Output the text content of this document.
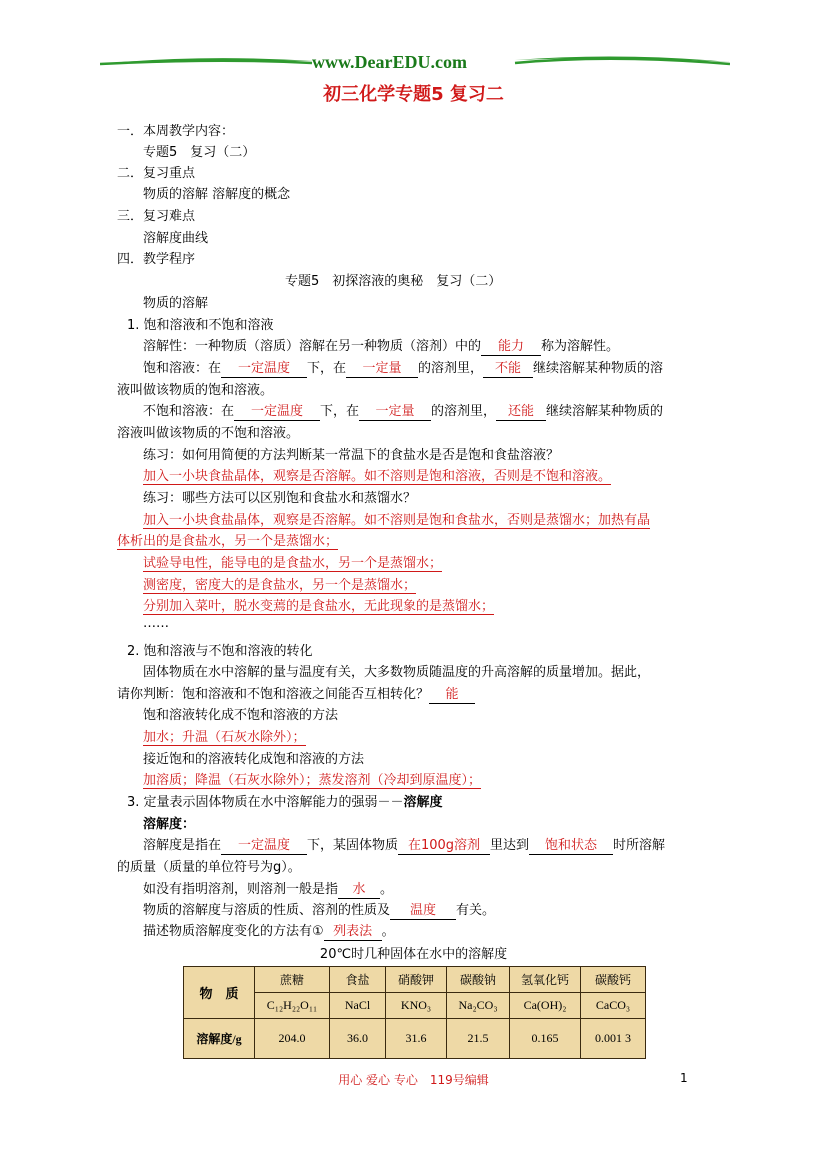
www.DearEDU.com
初三化学专题5 复习二
一．本周教学内容：
专题5　复习（二）
二．复习重点
物质的溶解 溶解度的概念
三．复习难点
溶解度曲线
四．教学程序
专题5　初探溶液的奥秘　复习（二）
物质的溶解
1. 饱和溶液和不饱和溶液
溶解性：一种物质（溶质）溶解在另一种物质（溶剂）中的 能力 称为溶解性。
饱和溶液：在 一定温度 下，在 一定量 的溶剂里， 不能 继续溶解某种物质的溶
液叫做该物质的饱和溶液。
不饱和溶液：在 一定温度 下，在 一定量 的溶剂里， 还能 继续溶解某种物质的
溶液叫做该物质的不饱和溶液。
练习：如何用简便的方法判断某一常温下的食盐水是否是饱和食盐溶液？
加入一小块食盐晶体，观察是否溶解。如不溶则是饱和溶液，否则是不饱和溶液。
练习：哪些方法可以区别饱和食盐水和蒸馏水？
加入一小块食盐晶体，观察是否溶解。如不溶则是饱和食盐水，否则是蒸馏水；加热有晶
体析出的是食盐水，另一个是蒸馏水；
试验导电性，能导电的是食盐水，另一个是蒸馏水；
测密度，密度大的是食盐水，另一个是蒸馏水；
分别加入菜叶，脱水变蔫的是食盐水，无此现象的是蒸馏水；
……
2. 饱和溶液与不饱和溶液的转化
固体物质在水中溶解的量与温度有关，大多数物质随温度的升高溶解的质量增加。据此，
请你判断：饱和溶液和不饱和溶液之间能否互相转化？ 能
饱和溶液转化成不饱和溶液的方法
加水；升温（石灰水除外）；
接近饱和的溶液转化成饱和溶液的方法
加溶质；降温（石灰水除外）；蒸发溶剂（冷却到原温度）；
3. 定量表示固体物质在水中溶解能力的强弱－－溶解度
溶解度：
溶解度是指在 一定温度 下，某固体物质 在100g溶剂 里达到 饱和状态 时所溶解
的质量（质量的单位符号为g）。
如没有指明溶剂，则溶剂一般是指 水 。
物质的溶解度与溶质的性质、溶剂的性质及 温度 有关。
描述物质溶解度变化的方法有① 列表法 。
20℃时几种固体在水中的溶解度
物　质	蔗糖	食盐	硝酸钾	碳酸钠	氢氧化钙	碳酸钙
	C₁₂H₂₂O₁₁	NaCl	KNO₃	Na₂CO₃	Ca(OH)₂	CaCO₃
溶解度/g	204.0	36.0	31.6	21.5	0.165	0.001 3
用心 爱心 专心　119号编辑	1
